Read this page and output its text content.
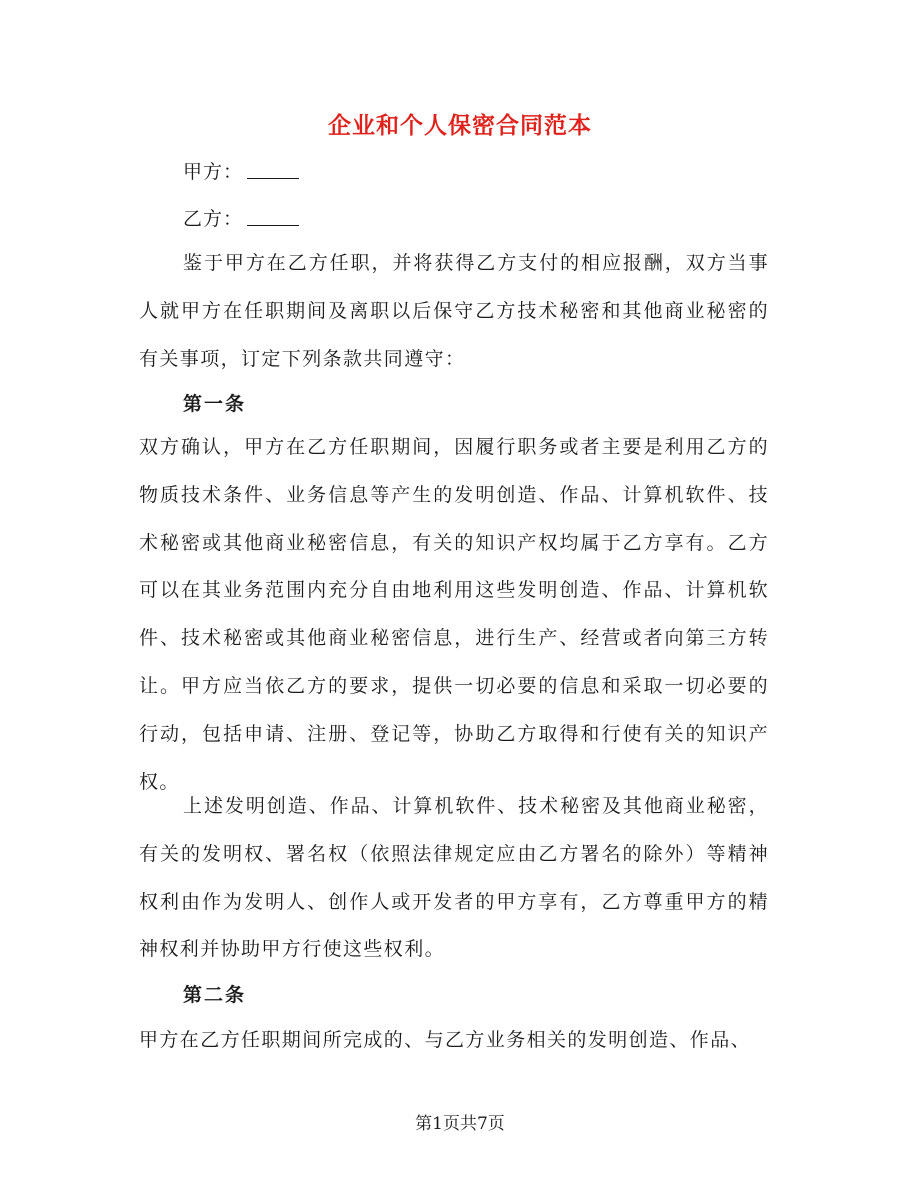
企业和个人保密合同范本
甲方：
乙方：

鉴于甲方在乙方任职，并将获得乙方支付的相应报酬，双方当事人就甲方在任职期间及离职以后保守乙方技术秘密和其他商业秘密的有关事项，订定下列条款共同遵守：

第一条

双方确认，甲方在乙方任职期间，因履行职务或者主要是利用乙方的物质技术条件、业务信息等产生的发明创造、作品、计算机软件、技术秘密或其他商业秘密信息，有关的知识产权均属于乙方享有。乙方可以在其业务范围内充分自由地利用这些发明创造、作品、计算机软件、技术秘密或其他商业秘密信息，进行生产、经营或者向第三方转让。甲方应当依乙方的要求，提供一切必要的信息和采取一切必要的行动，包括申请、注册、登记等，协助乙方取得和行使有关的知识产权。

上述发明创造、作品、计算机软件、技术秘密及其他商业秘密，有关的发明权、署名权（依照法律规定应由乙方署名的除外）等精神权利由作为发明人、创作人或开发者的甲方享有，乙方尊重甲方的精神权利并协助甲方行使这些权利。

第二条

甲方在乙方任职期间所完成的、与乙方业务相关的发明创造、作品、

第1页共7页
